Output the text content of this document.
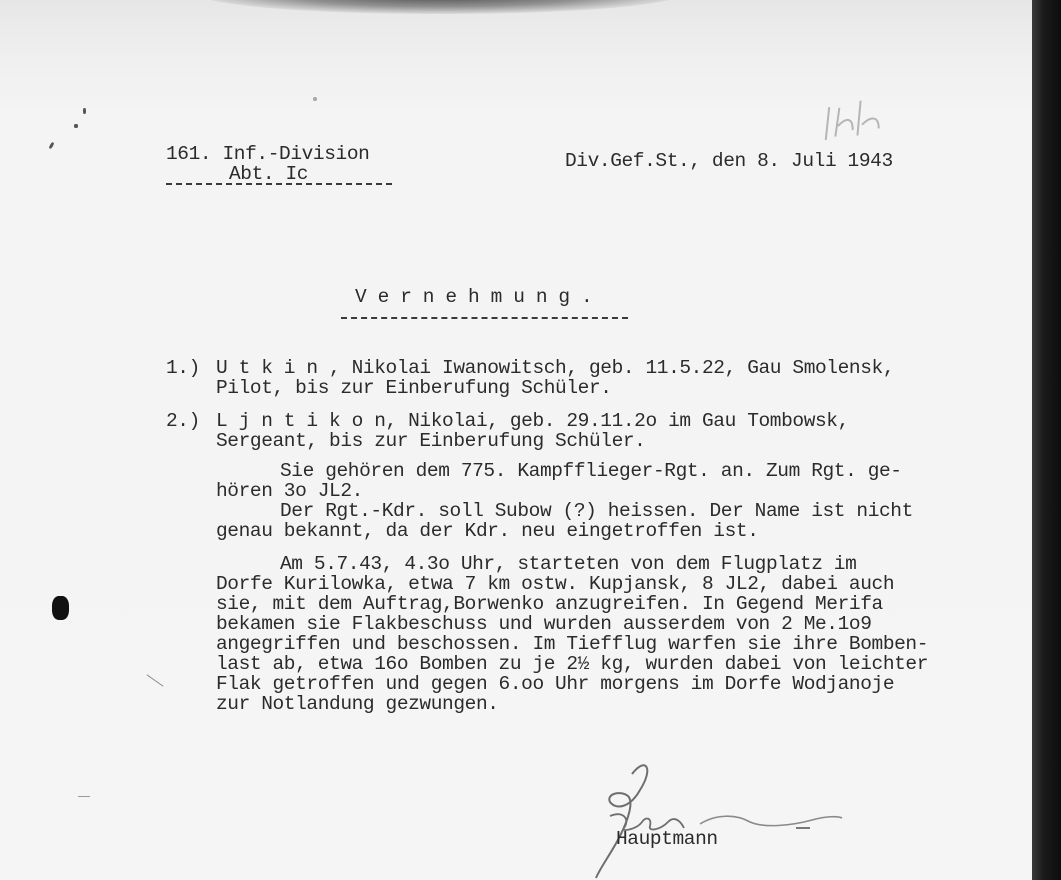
161. Inf.-Division
Abt. Ic
Div.Gef.St., den 8. Juli 1943
V e r n e h m u n g .
1.) U t k i n , Nikolai Iwanowitsch, geb. 11.5.22, Gau Smolensk,
Pilot, bis zur Einberufung Schüler.
2.) L j n t i k o n, Nikolai, geb. 29.11.2o im Gau Tombowsk,
Sergeant, bis zur Einberufung Schüler.
Sie gehören dem 775. Kampfflieger-Rgt. an. Zum Rgt. ge-
hören 3o JL2.
Der Rgt.-Kdr. soll Subow (?) heissen. Der Name ist nicht
genau bekannt, da der Kdr. neu eingetroffen ist.
Am 5.7.43, 4.3o Uhr, starteten von dem Flugplatz im
Dorfe Kurilowka, etwa 7 km ostw. Kupjansk, 8 JL2, dabei auch
sie, mit dem Auftrag,Borwenko anzugreifen. In Gegend Merifa
bekamen sie Flakbeschuss und wurden ausserdem von 2 Me.1o9
angegriffen und beschossen. Im Tiefflug warfen sie ihre Bomben-
last ab, etwa 16o Bomben zu je 2½ kg, wurden dabei von leichter
Flak getroffen und gegen 6.oo Uhr morgens im Dorfe Wodjanoje
zur Notlandung gezwungen.
Hauptmann
